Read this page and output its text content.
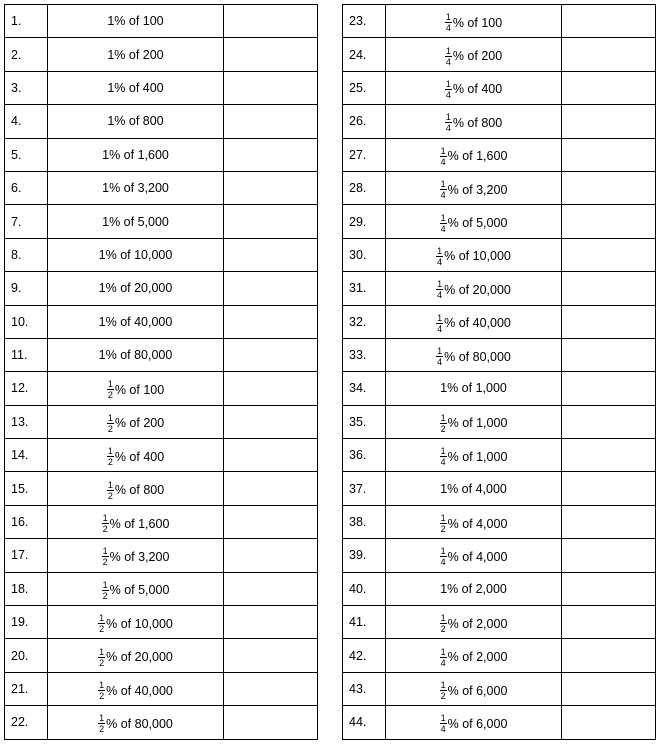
1.	1% of 100	

2.	1% of 200	

3.	1% of 400	

4.	1% of 800	

5.	1% of 1,600	

6.	1% of 3,200	

7.	1% of 5,000	

8.	1% of 10,000	

9.	1% of 20,000	

10.	1% of 40,000	

11.	1% of 80,000	

12.	$\frac{1}{2}$ % of 100	

13.	$\frac{1}{2}$ % of 200	

14.	$\frac{1}{2}$ % of 400	

15.	$\frac{1}{2}$ % of 800	

16.	$\frac{1}{2}$ % of 1,600	

17.	$\frac{1}{2}$ % of 3,200	

18.	$\frac{1}{2}$ % of 5,000	

19.	$\frac{1}{2}$ % of 10,000	

20.	$\frac{1}{2}$ % of 20,000	

21.	$\frac{1}{2}$ % of 40,000	

22.	$\frac{1}{2}$ % of 80,000	

23.	$\frac{1}{4}$ % of 100	

24.	$\frac{1}{4}$ % of 200	

25.	$\frac{1}{4}$ % of 400	

26.	$\frac{1}{4}$ % of 800	

27.	$\frac{1}{4}$ % of 1,600	

28.	$\frac{1}{4}$ % of 3,200	

29.	$\frac{1}{4}$ % of 5,000	

30.	$\frac{1}{4}$ % of 10,000	

31.	$\frac{1}{4}$ % of 20,000	

32.	$\frac{1}{4}$ % of 40,000	

33.	$\frac{1}{4}$ % of 80,000	

34.	1% of 1,000	

35.	$\frac{1}{2}$ % of 1,000	

36.	$\frac{1}{4}$ % of 1,000	

37.	1% of 4,000	

38.	$\frac{1}{2}$ % of 4,000	

39.	$\frac{1}{4}$ % of 4,000	

40.	1% of 2,000	

41.	$\frac{1}{2}$ % of 2,000	

42.	$\frac{1}{4}$ % of 2,000	

43.	$\frac{1}{2}$ % of 6,000	

44.	$\frac{1}{4}$ % of 6,000	
